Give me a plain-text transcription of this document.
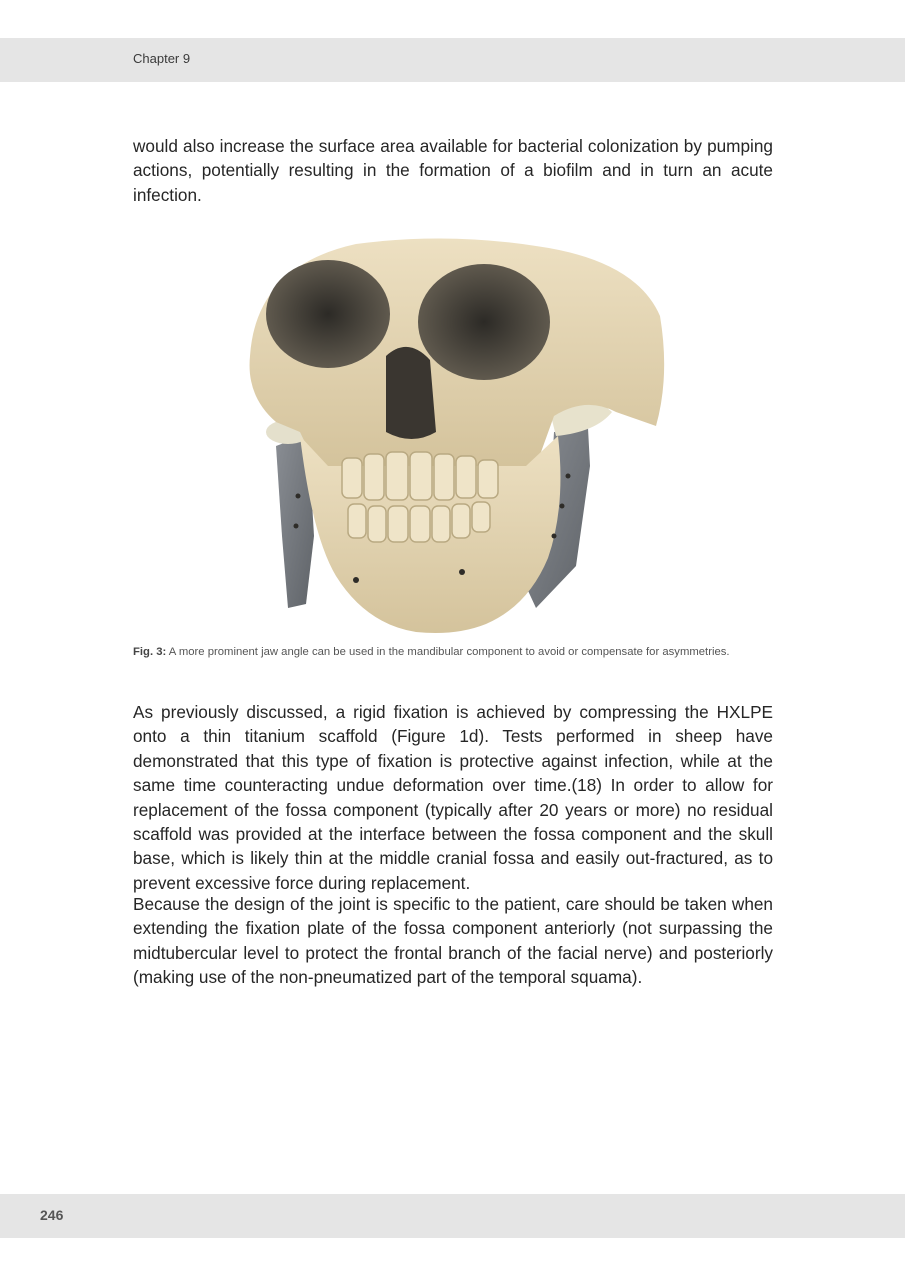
Chapter 9

would also increase the surface area available for bacterial colonization by pumping actions, potentially resulting in the formation of a biofilm and in turn an acute infection.

Fig. 3: A more prominent jaw angle can be used in the mandibular component to avoid or compensate for asymmetries.

As previously discussed, a rigid fixation is achieved by compressing the HXLPE onto a thin titanium scaffold (Figure 1d). Tests performed in sheep have demonstrated that this type of fixation is protective against infection, while at the same time counteracting undue deformation over time.(18) In order to allow for replacement of the fossa component (typically after 20 years or more) no residual scaffold was provided at the interface between the fossa component and the skull base, which is likely thin at the middle cranial fossa and easily out-fractured, as to prevent excessive force during replacement.

Because the design of the joint is specific to the patient, care should be taken when extending the fixation plate of the fossa component anteriorly (not surpassing the midtubercular level to protect the frontal branch of the facial nerve) and posteriorly (making use of the non-pneumatized part of the temporal squama).

246
